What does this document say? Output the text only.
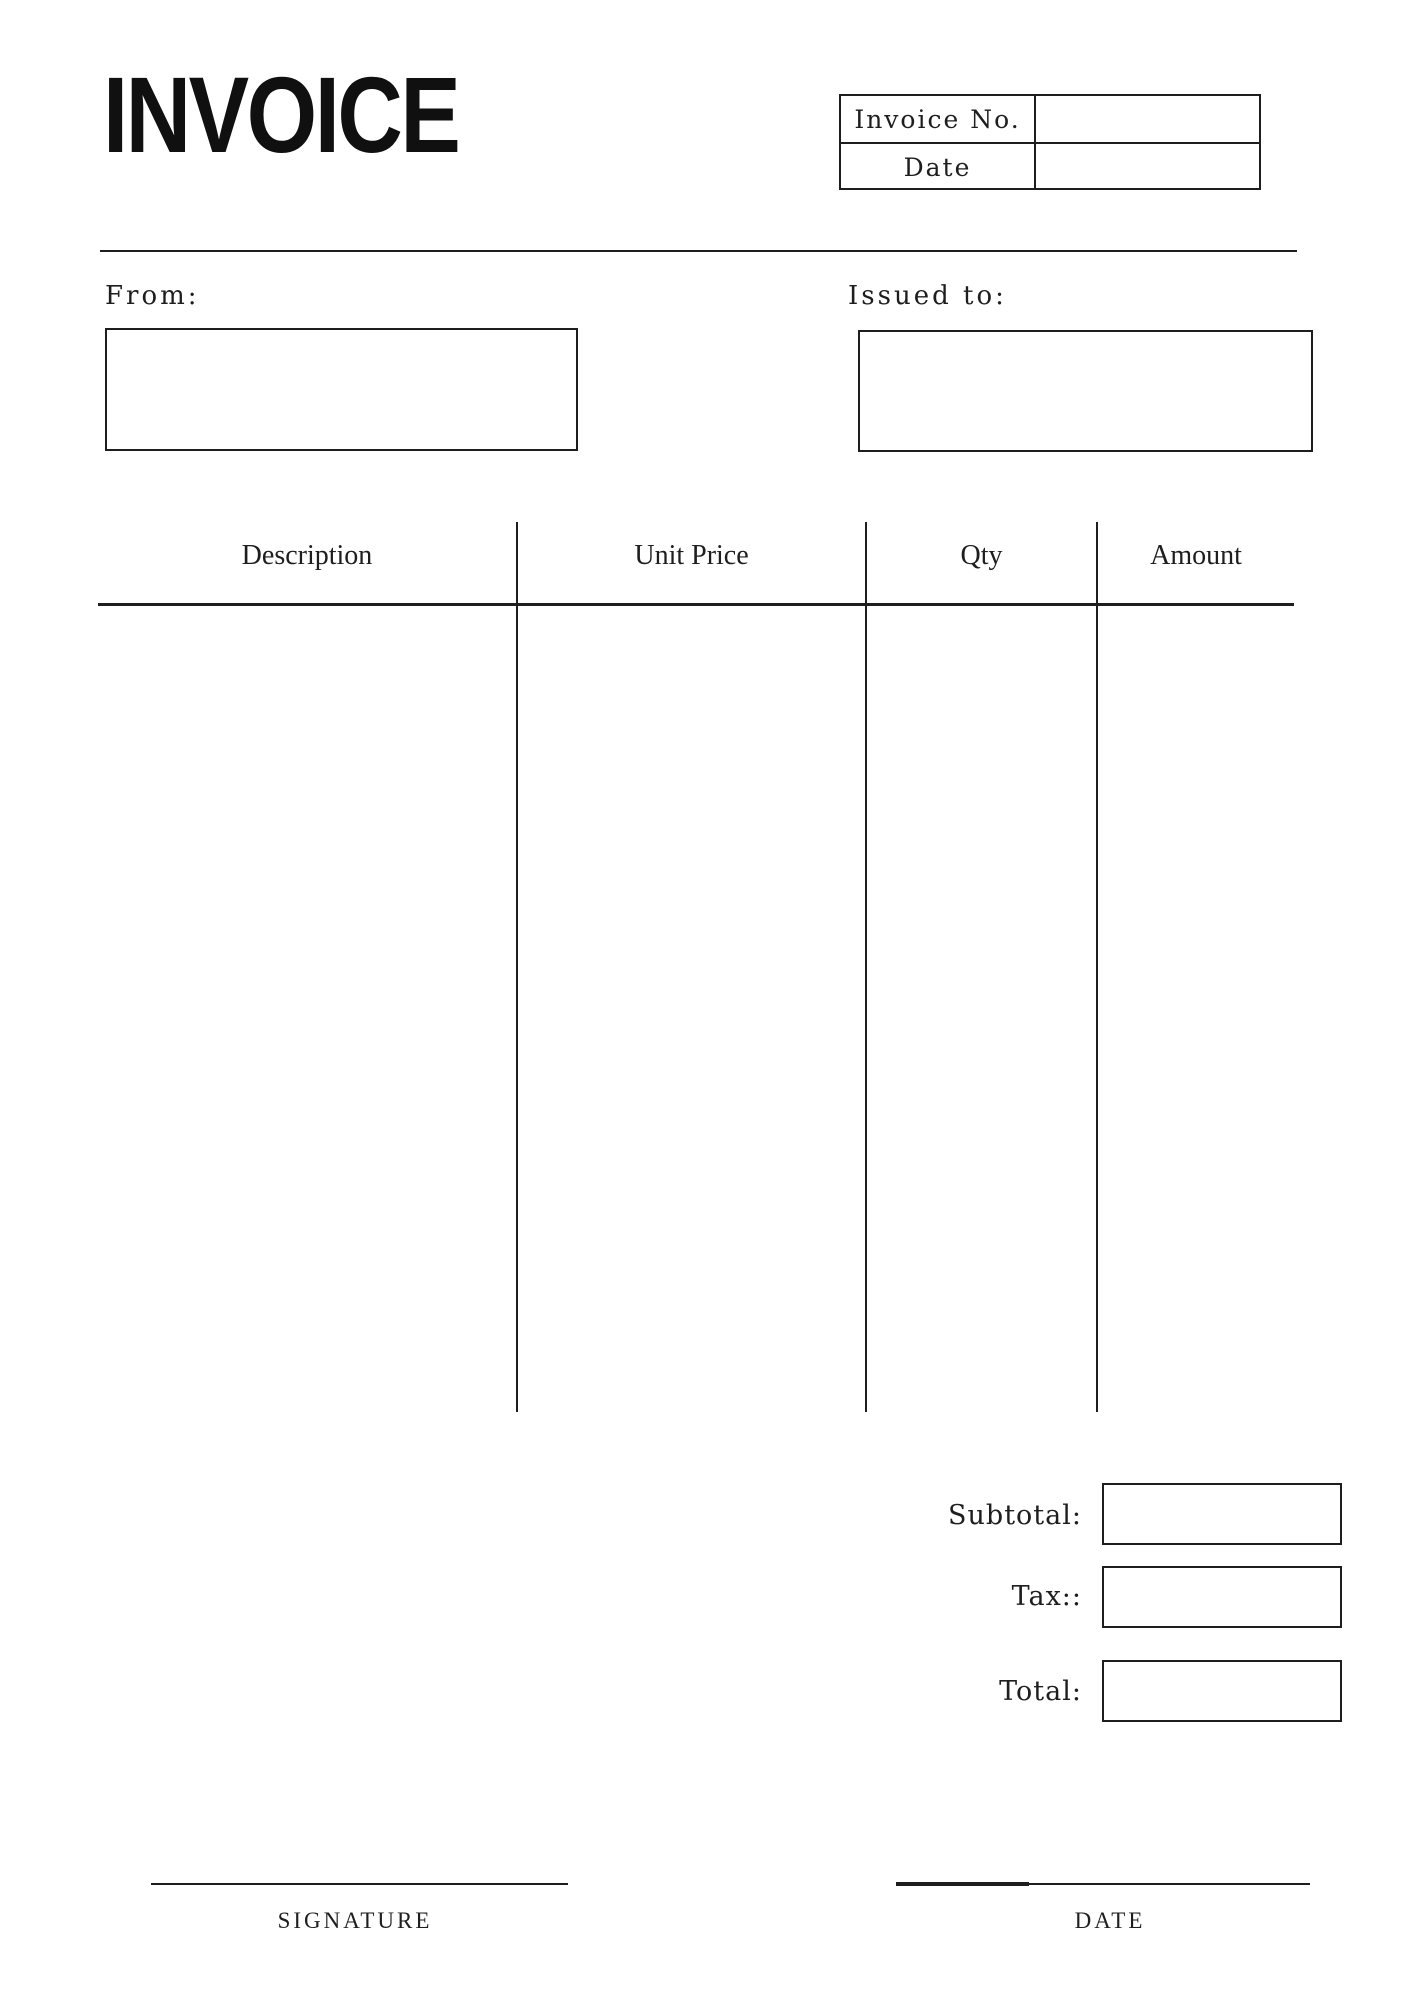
INVOICE	Invoice No.
Date
From:	Issued to:
Description	Unit Price	Qty	Amount
Subtotal:
Tax::
Total:
SIGNATURE	DATE
